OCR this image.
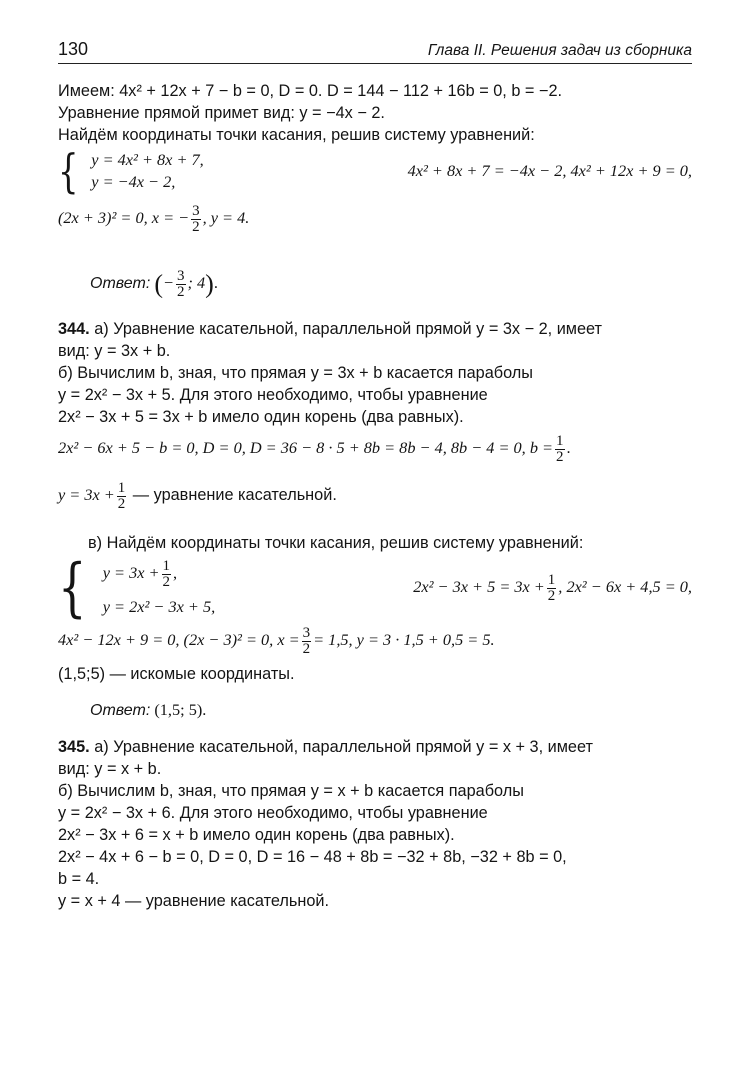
130	Глава II. Решения задач из сборника
Имеем: 4x² + 12x + 7 − b = 0, D = 0. D = 144 − 112 + 16b = 0, b = −2.
Уравнение прямой примет вид: y = −4x − 2.
Найдём координаты точки касания, решив систему уравнений:
{ y = 4x² + 8x + 7,
y = −4x − 2,
4x² + 8x + 7 = −4x − 2, 4x² + 12x + 9 = 0,
(2x + 3)² = 0, x = − $\frac{3}{2}$ , y = 4.
Ответ: (− $\frac{3}{2}$ ; 4).
344. а) Уравнение касательной, параллельной прямой y = 3x − 2, имеет
вид: y = 3x + b.
б) Вычислим b, зная, что прямая y = 3x + b касается параболы
y = 2x² − 3x + 5. Для этого необходимо, чтобы уравнение
2x² − 3x + 5 = 3x + b имело один корень (два равных).
2x² − 6x + 5 − b = 0, D = 0, D = 36 − 8 · 5 + 8b = 8b − 4, 8b − 4 = 0, $b = \frac{1}{2}$ .
$y = 3x + \frac{1}{2}$ — уравнение касательной.
в) Найдём координаты точки касания, решив систему уравнений:
{ $y = 3x + \frac{1}{2}$ ,
y = 2x² − 3x + 5,
$2x^2 - 3x + 5 = 3x + \frac{1}{2}$ , 2x² − 6x + 4,5 = 0,
4x² − 12x + 9 = 0, (2x − 3)² = 0, $x = \frac{3}{2} = 1,5$, y = 3 · 1,5 + 0,5 = 5.
(1,5;5) — искомые координаты.
Ответ: (1,5; 5).
345. а) Уравнение касательной, параллельной прямой y = x + 3, имеет
вид: y = x + b.
б) Вычислим b, зная, что прямая y = x + b касается параболы
y = 2x² − 3x + 6. Для этого необходимо, чтобы уравнение
2x² − 3x + 6 = x + b имело один корень (два равных).
2x² − 4x + 6 − b = 0, D = 0, D = 16 − 48 + 8b = −32 + 8b, −32 + 8b = 0,
b = 4.
y = x + 4 — уравнение касательной.
